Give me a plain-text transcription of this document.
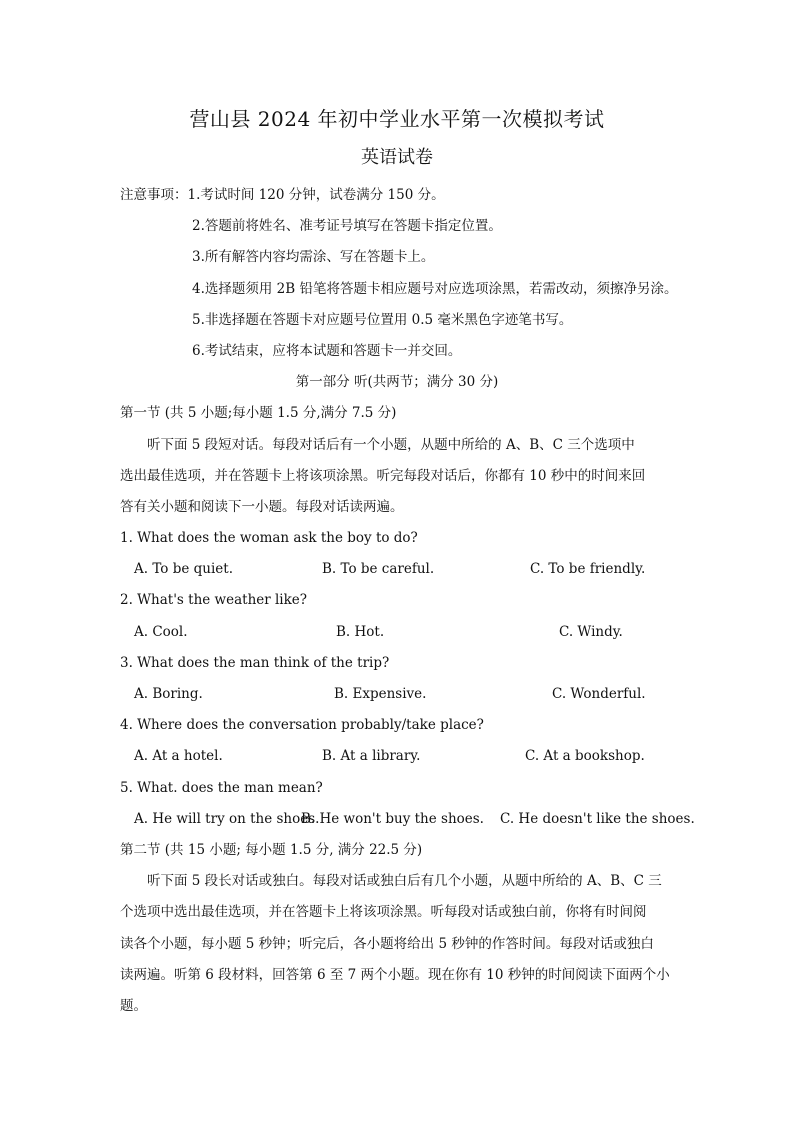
营山县 2024 年初中学业水平第一次模拟考试
英语试卷
注意事项：1.考试时间 120 分钟，试卷满分 150 分。
2.答题前将姓名、准考证号填写在答题卡指定位置。
3.所有解答内容均需涂、写在答题卡上。
4.选择题须用 2B 铅笔将答题卡相应题号对应选项涂黑，若需改动，须擦净另涂。
5.非选择题在答题卡对应题号位置用 0.5 毫米黑色字迹笔书写。
6.考试结束，应将本试题和答题卡一并交回。
第一部分 听(共两节；满分 30 分)
第一节 (共 5 小题;每小题 1.5 分,满分 7.5 分)
听下面 5 段短对话。每段对话后有一个小题，从题中所给的 A、B、C 三个选项中
选出最佳选项，并在答题卡上将该项涂黑。听完每段对话后，你都有 10 秒中的时间来回
答有关小题和阅读下一小题。每段对话读两遍。
1. What does the woman ask the boy to do?
A. To be quiet.	B. To be careful.	C. To be friendly.
2. What's the weather like?
A. Cool.	B. Hot.	C. Windy.
3. What does the man think of the trip?
A. Boring.	B. Expensive.	C. Wonderful.
4. Where does the conversation probably/take place?
A. At a hotel.	B. At a library.	C. At a bookshop.
5. What. does the man mean?
A. He will try on the shoes.
B. He won't buy the shoes. C. He doesn't like the shoes.
第二节 (共 15 小题; 每小题 1.5 分, 满分 22.5 分)
听下面 5 段长对话或独白。每段对话或独白后有几个小题，从题中所给的 A、B、C 三
个选项中选出最佳选项，并在答题卡上将该项涂黑。听每段对话或独白前，你将有时间阅
读各个小题，每小题 5 秒钟；听完后，各小题将给出 5 秒钟的作答时间。每段对话或独白
读两遍。听第 6 段材料，回答第 6 至 7 两个小题。现在你有 10 秒钟的时间阅读下面两个小
题。
